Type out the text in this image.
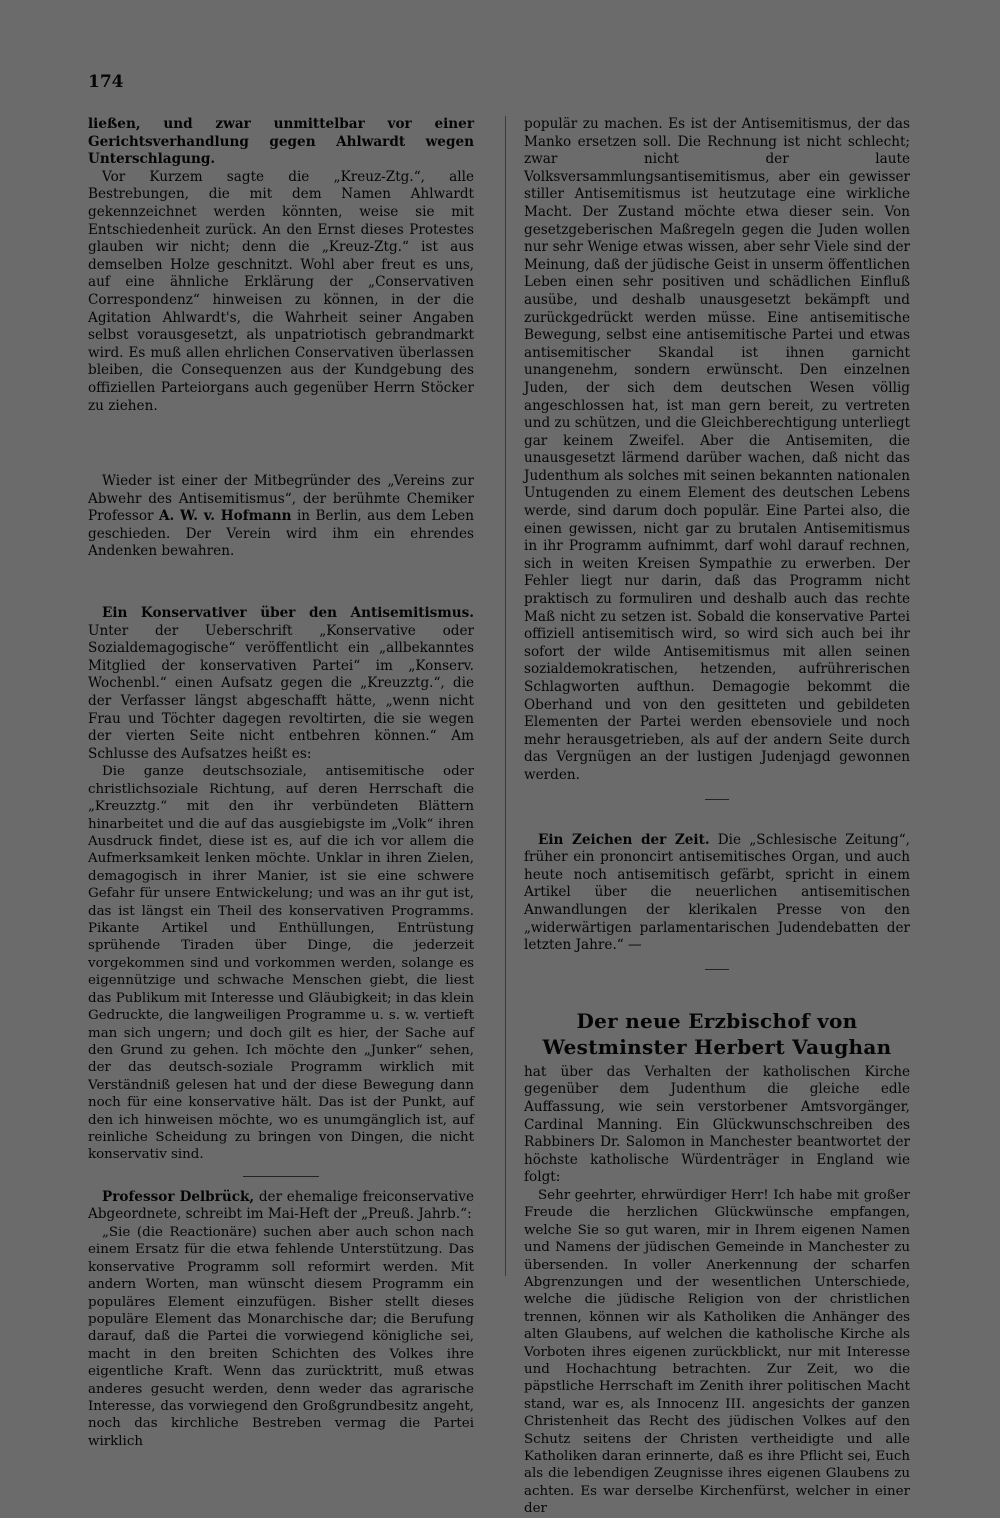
174

ließen, und zwar unmittelbar vor einer Gerichtsverhandlung gegen Ahlwardt wegen Unterschlagung.

Vor Kurzem sagte die „Kreuz-Ztg.“, alle Bestrebungen, die mit dem Namen Ahlwardt gekennzeichnet werden könnten, weise sie mit Entschiedenheit zurück. An den Ernst dieses Protestes glauben wir nicht; denn die „Kreuz-Ztg.“ ist aus demselben Holze geschnitzt. Wohl aber freut es uns, auf eine ähnliche Erklärung der „Conservativen Correspondenz“ hinweisen zu können, in der die Agitation Ahlwardt's, die Wahrheit seiner Angaben selbst vorausgesetzt, als unpatriotisch gebrandmarkt wird. Es muß allen ehrlichen Conservativen überlassen bleiben, die Consequenzen aus der Kundgebung des offiziellen Parteiorgans auch gegenüber Herrn Stöcker zu ziehen.

Wieder ist einer der Mitbegründer des „Vereins zur Abwehr des Antisemitismus“, der berühmte Chemiker Professor A. W. v. Hofmann in Berlin, aus dem Leben geschieden. Der Verein wird ihm ein ehrendes Andenken bewahren.

Ein Konservativer über den Antisemitismus. Unter der Ueberschrift „Konservative oder Sozialdemagogische“ veröffentlicht ein „allbekanntes Mitglied der konservativen Partei“ im „Konserv. Wochenbl.“ einen Aufsatz gegen die „Kreuzztg.“, die der Verfasser längst abgeschafft hätte, „wenn nicht Frau und Töchter dagegen revoltirten, die sie wegen der vierten Seite nicht entbehren können.“ Am Schlusse des Aufsatzes heißt es:

Die ganze deutschsoziale, antisemitische oder christlichsoziale Richtung, auf deren Herrschaft die „Kreuzztg.“ mit den ihr verbündeten Blättern hinarbeitet und die auf das ausgiebigste im „Volk“ ihren Ausdruck findet, diese ist es, auf die ich vor allem die Aufmerksamkeit lenken möchte. Unklar in ihren Zielen, demagogisch in ihrer Manier, ist sie eine schwere Gefahr für unsere Entwickelung; und was an ihr gut ist, das ist längst ein Theil des konservativen Programms. Pikante Artikel und Enthüllungen, Entrüstung sprühende Tiraden über Dinge, die jederzeit vorgekommen sind und vorkommen werden, solange es eigennützige und schwache Menschen giebt, die liest das Publikum mit Interesse und Gläubigkeit; in das klein Gedruckte, die langweiligen Programme u. s. w. vertieft man sich ungern; und doch gilt es hier, der Sache auf den Grund zu gehen. Ich möchte den „Junker“ sehen, der das deutsch-soziale Programm wirklich mit Verständniß gelesen hat und der diese Bewegung dann noch für eine konservative hält. Das ist der Punkt, auf den ich hinweisen möchte, wo es unumgänglich ist, auf reinliche Scheidung zu bringen von Dingen, die nicht konservativ sind.

Professor Delbrück, der ehemalige freiconservative Abgeordnete, schreibt im Mai-Heft der „Preuß. Jahrb.“:

„Sie (die Reactionäre) suchen aber auch schon nach einem Ersatz für die etwa fehlende Unterstützung. Das konservative Programm soll reformirt werden. Mit andern Worten, man wünscht diesem Programm ein populäres Element einzufügen. Bisher stellt dieses populäre Element das Monarchische dar; die Berufung darauf, daß die Partei die vorwiegend königliche sei, macht in den breiten Schichten des Volkes ihre eigentliche Kraft. Wenn das zurücktritt, muß etwas anderes gesucht werden, denn weder das agrarische Interesse, das vorwiegend den Großgrundbesitz angeht, noch das kirchliche Bestreben vermag die Partei wirklich

populär zu machen. Es ist der Antisemitismus, der das Manko ersetzen soll. Die Rechnung ist nicht schlecht; zwar nicht der laute Volksversammlungsantisemitismus, aber ein gewisser stiller Antisemitismus ist heutzutage eine wirkliche Macht. Der Zustand möchte etwa dieser sein. Von gesetzgeberischen Maßregeln gegen die Juden wollen nur sehr Wenige etwas wissen, aber sehr Viele sind der Meinung, daß der jüdische Geist in unserm öffentlichen Leben einen sehr positiven und schädlichen Einfluß ausübe, und deshalb unausgesetzt bekämpft und zurückgedrückt werden müsse. Eine antisemitische Bewegung, selbst eine antisemitische Partei und etwas antisemitischer Skandal ist ihnen garnicht unangenehm, sondern erwünscht. Den einzelnen Juden, der sich dem deutschen Wesen völlig angeschlossen hat, ist man gern bereit, zu vertreten und zu schützen, und die Gleichberechtigung unterliegt gar keinem Zweifel. Aber die Antisemiten, die unausgesetzt lärmend darüber wachen, daß nicht das Judenthum als solches mit seinen bekannten nationalen Untugenden zu einem Element des deutschen Lebens werde, sind darum doch populär. Eine Partei also, die einen gewissen, nicht gar zu brutalen Antisemitismus in ihr Programm aufnimmt, darf wohl darauf rechnen, sich in weiten Kreisen Sympathie zu erwerben. Der Fehler liegt nur darin, daß das Programm nicht praktisch zu formuliren und deshalb auch das rechte Maß nicht zu setzen ist. Sobald die konservative Partei offiziell antisemitisch wird, so wird sich auch bei ihr sofort der wilde Antisemitismus mit allen seinen sozialdemokratischen, hetzenden, aufrührerischen Schlagworten aufthun. Demagogie bekommt die Oberhand und von den gesitteten und gebildeten Elementen der Partei werden ebensoviele und noch mehr herausgetrieben, als auf der andern Seite durch das Vergnügen an der lustigen Judenjagd gewonnen werden.

Ein Zeichen der Zeit. Die „Schlesische Zeitung“, früher ein prononcirt antisemitisches Organ, und auch heute noch antisemitisch gefärbt, spricht in einem Artikel über die neuerlichen antisemitischen Anwandlungen der klerikalen Presse von den „widerwärtigen parlamentarischen Judendebatten der letzten Jahre.“ —

Der neue Erzbischof von Westminster Herbert Vaughan

hat über das Verhalten der katholischen Kirche gegenüber dem Judenthum die gleiche edle Auffassung, wie sein verstorbener Amtsvorgänger, Cardinal Manning. Ein Glückwunschschreiben des Rabbiners Dr. Salomon in Manchester beantwortet der höchste katholische Würdenträger in England wie folgt:

Sehr geehrter, ehrwürdiger Herr! Ich habe mit großer Freude die herzlichen Glückwünsche empfangen, welche Sie so gut waren, mir in Ihrem eigenen Namen und Namens der jüdischen Gemeinde in Manchester zu übersenden. In voller Anerkennung der scharfen Abgrenzungen und der wesentlichen Unterschiede, welche die jüdische Religion von der christlichen trennen, können wir als Katholiken die Anhänger des alten Glaubens, auf welchen die katholische Kirche als Vorboten ihres eigenen zurückblickt, nur mit Interesse und Hochachtung betrachten. Zur Zeit, wo die päpstliche Herrschaft im Zenith ihrer politischen Macht stand, war es, als Innocenz III. angesichts der ganzen Christenheit das Recht des jüdischen Volkes auf den Schutz seitens der Christen vertheidigte und alle Katholiken daran erinnerte, daß es ihre Pflicht sei, Euch als die lebendigen Zeugnisse ihres eigenen Glaubens zu achten. Es war derselbe Kirchenfürst, welcher in einer der
